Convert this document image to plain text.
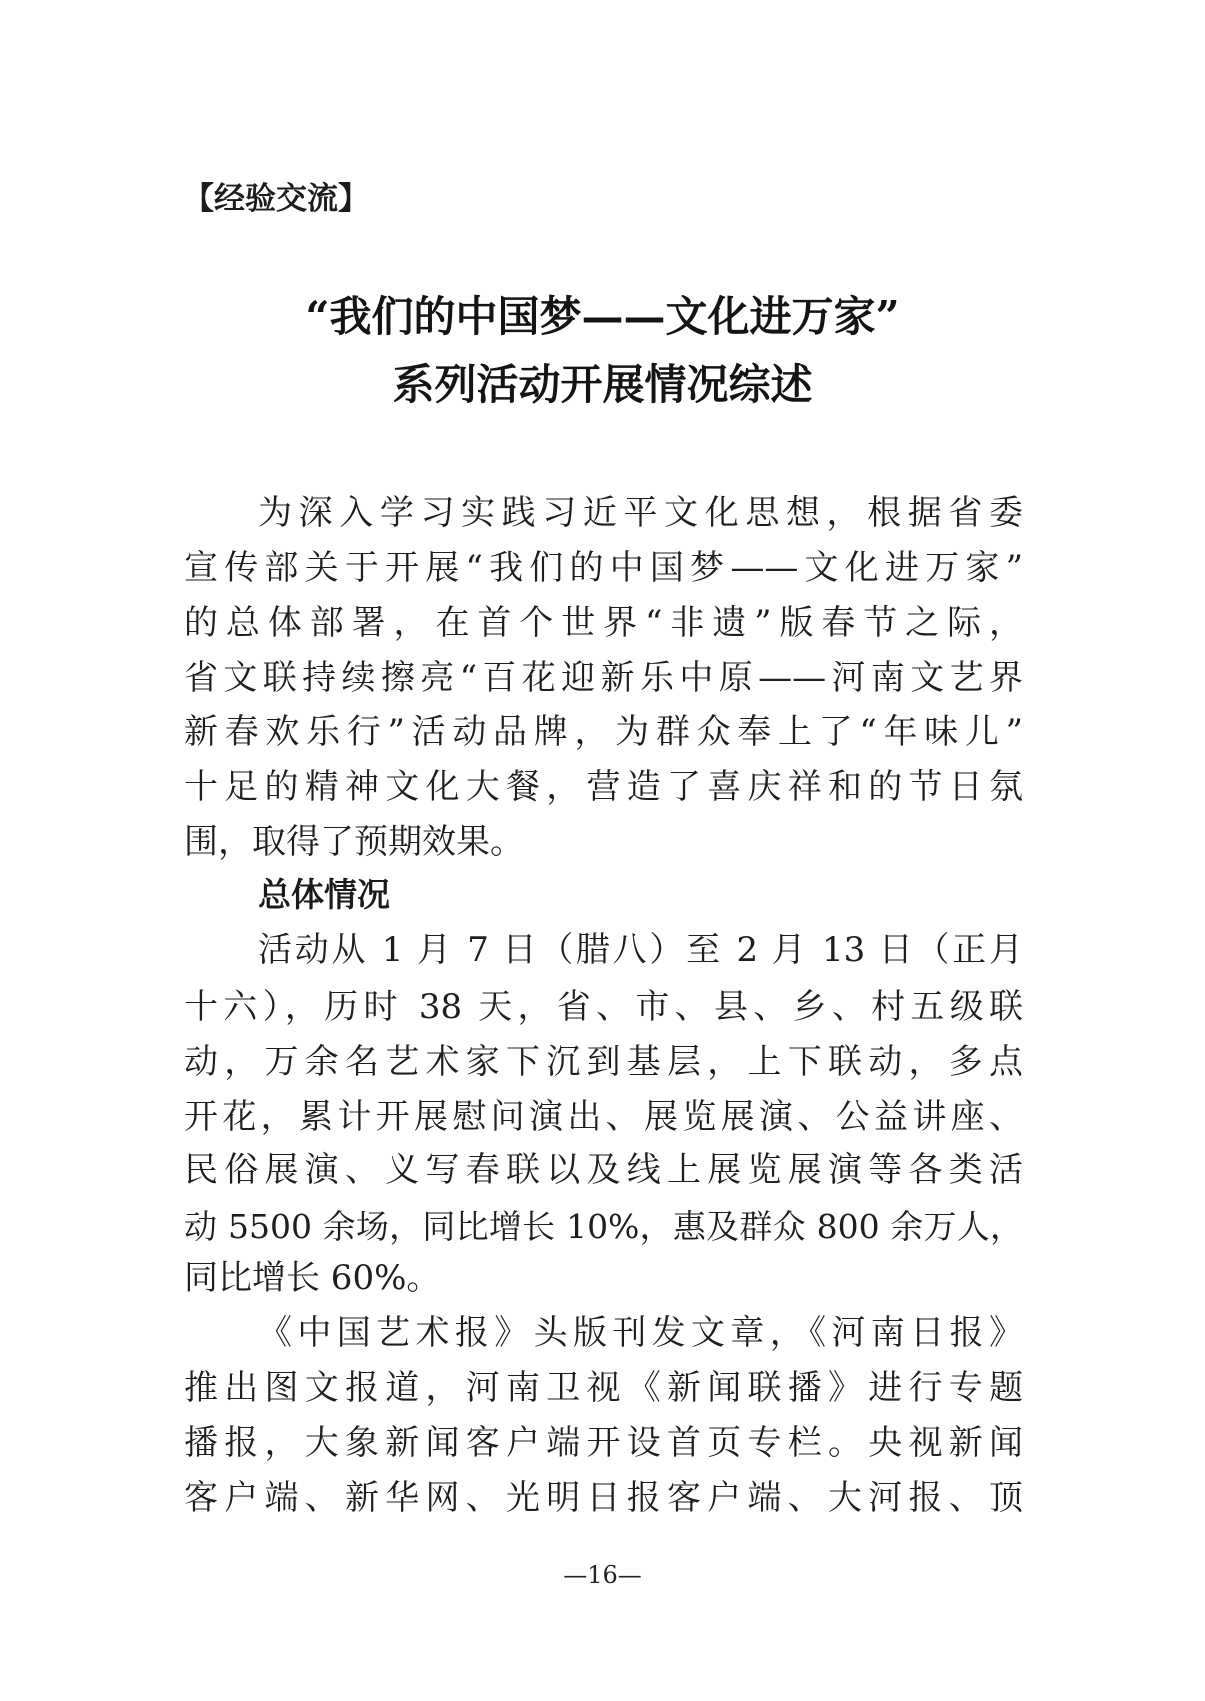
【经验交流】
“我们的中国梦——文化进万家”
系列活动开展情况综述
为深入学习实践习近平文化思想，根据省委
宣传部关于开展“我们的中国梦——文化进万家”
的总体部署，在首个世界“非遗”版春节之际，
省文联持续擦亮“百花迎新乐中原——河南文艺界
新春欢乐行”活动品牌，为群众奉上了“年味儿”
十足的精神文化大餐，营造了喜庆祥和的节日氛
围，取得了预期效果。
总体情况
活动从 1 月 7 日（腊八）至 2 月 13 日（正月
十六），历时 38 天，省、市、县、乡、村五级联
动，万余名艺术家下沉到基层，上下联动，多点
开花，累计开展慰问演出、展览展演、公益讲座、
民俗展演、义写春联以及线上展览展演等各类活
动 5500 余场，同比增长 10%，惠及群众 800 余万人，
同比增长 60%。
《中国艺术报》头版刊发文章，《河南日报》
推出图文报道，河南卫视《新闻联播》进行专题
播报，大象新闻客户端开设首页专栏。央视新闻
客户端、新华网、光明日报客户端、大河报、顶
—16—
